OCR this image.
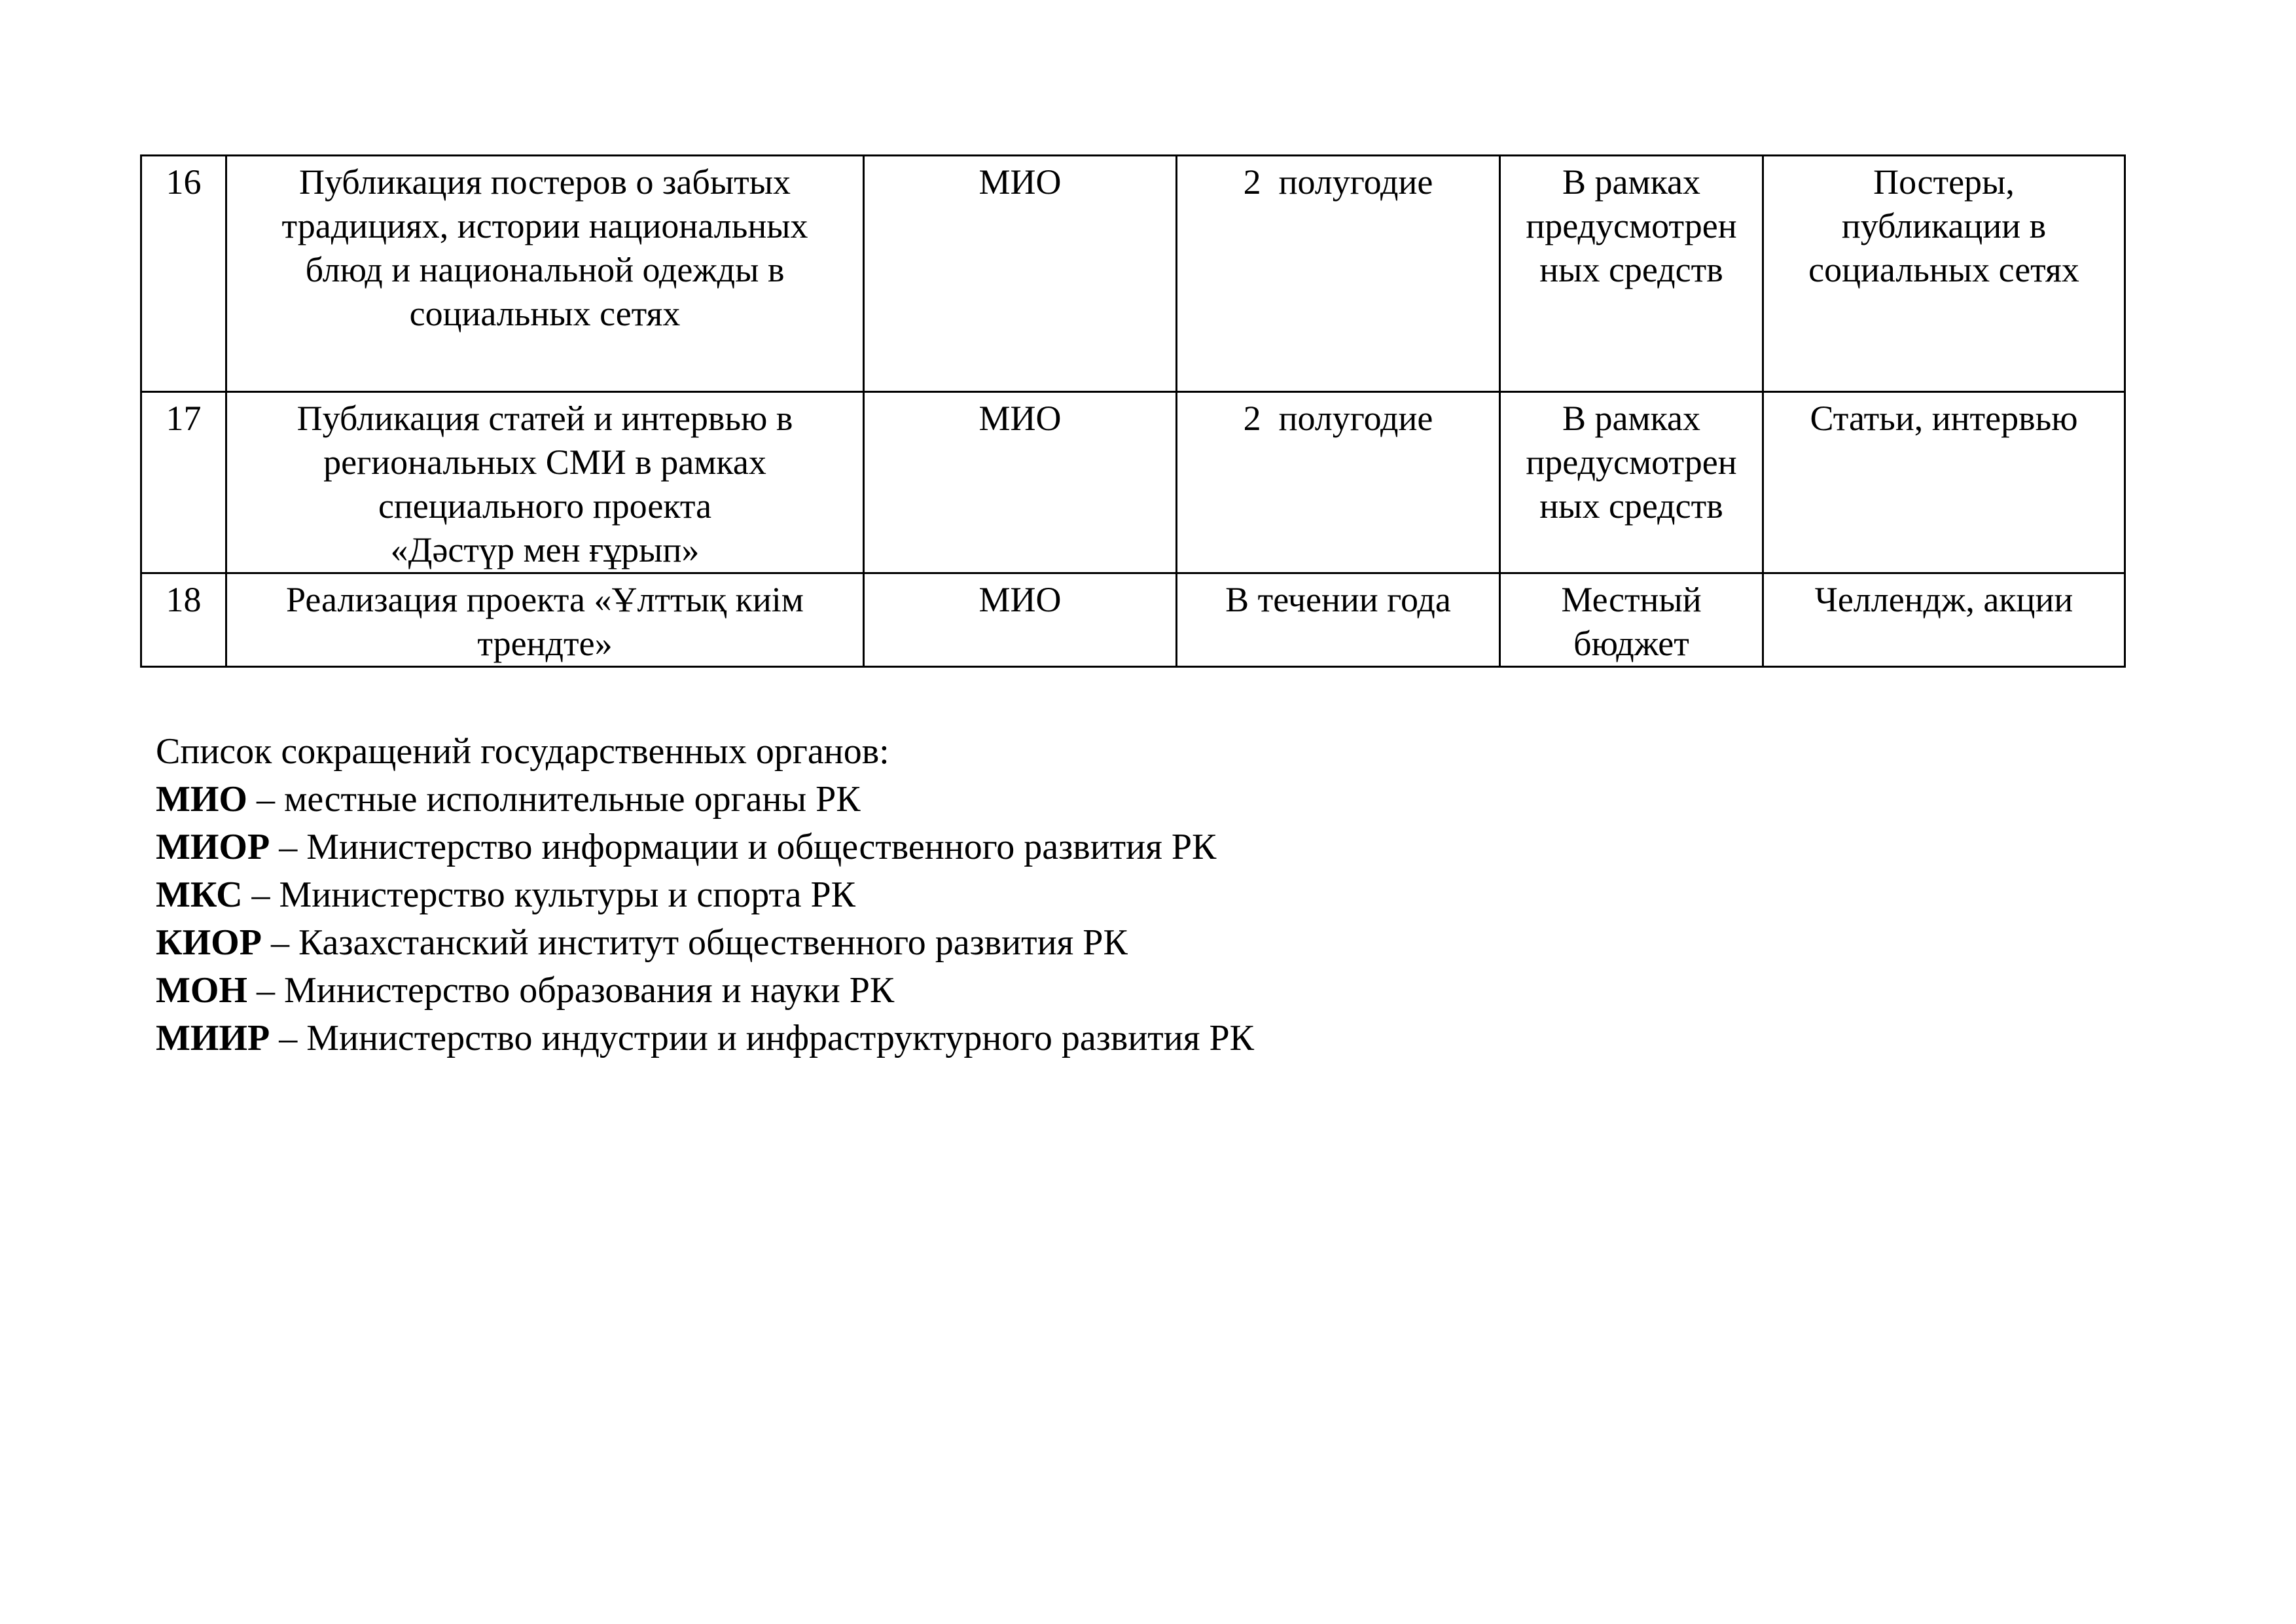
16	Публикация постеров о забытых
традициях, истории национальных
блюд и национальной одежды в
социальных сетях	МИО	2  полугодие	В рамках
предусмотрен
ных средств	Постеры,
публикации в
социальных сетях

17	Публикация статей и интервью в
региональных СМИ в рамках
специального проекта
«Дәстүр мен ғұрып»	МИО	2  полугодие	В рамках
предусмотрен
ных средств	Статьи, интервью

18	Реализация проекта «Ұлттық киім
трендте»	МИО	В течении года	Местный
бюджет	Челлендж, акции
Список сокращений государственных органов:
МИО – местные исполнительные органы РК
МИОР – Министерство информации и общественного развития РК
МКС – Министерство культуры и спорта РК
КИОР – Казахстанский институт общественного развития РК
МОН – Министерство образования и науки РК
МИИР – Министерство индустрии и инфраструктурного развития РК
